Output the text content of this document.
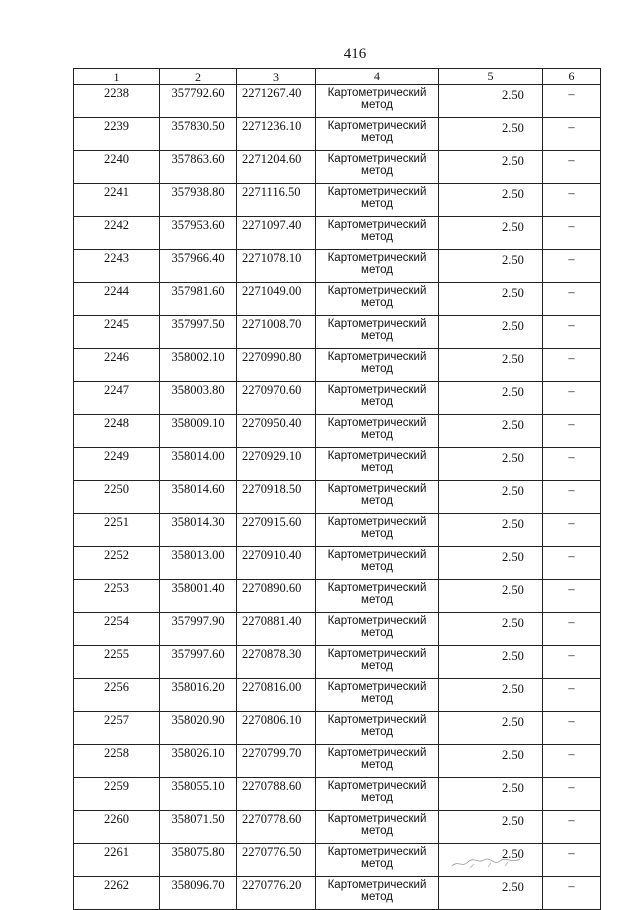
416
1	2	3	4	5	6
2238	357792.60	2271267.40	Картометрический
метод	2.50	–
2239	357830.50	2271236.10	Картометрический
метод	2.50	–
2240	357863.60	2271204.60	Картометрический
метод	2.50	–
2241	357938.80	2271116.50	Картометрический
метод	2.50	–
2242	357953.60	2271097.40	Картометрический
метод	2.50	–
2243	357966.40	2271078.10	Картометрический
метод	2.50	–
2244	357981.60	2271049.00	Картометрический
метод	2.50	–
2245	357997.50	2271008.70	Картометрический
метод	2.50	–
2246	358002.10	2270990.80	Картометрический
метод	2.50	–
2247	358003.80	2270970.60	Картометрический
метод	2.50	–
2248	358009.10	2270950.40	Картометрический
метод	2.50	–
2249	358014.00	2270929.10	Картометрический
метод	2.50	–
2250	358014.60	2270918.50	Картометрический
метод	2.50	–
2251	358014.30	2270915.60	Картометрический
метод	2.50	–
2252	358013.00	2270910.40	Картометрический
метод	2.50	–
2253	358001.40	2270890.60	Картометрический
метод	2.50	–
2254	357997.90	2270881.40	Картометрический
метод	2.50	–
2255	357997.60	2270878.30	Картометрический
метод	2.50	–
2256	358016.20	2270816.00	Картометрический
метод	2.50	–
2257	358020.90	2270806.10	Картометрический
метод	2.50	–
2258	358026.10	2270799.70	Картометрический
метод	2.50	–
2259	358055.10	2270788.60	Картометрический
метод	2.50	–
2260	358071.50	2270778.60	Картометрический
метод	2.50	–
2261	358075.80	2270776.50	Картометрический
метод	2.50	–
2262	358096.70	2270776.20	Картометрический
метод	2.50	–
